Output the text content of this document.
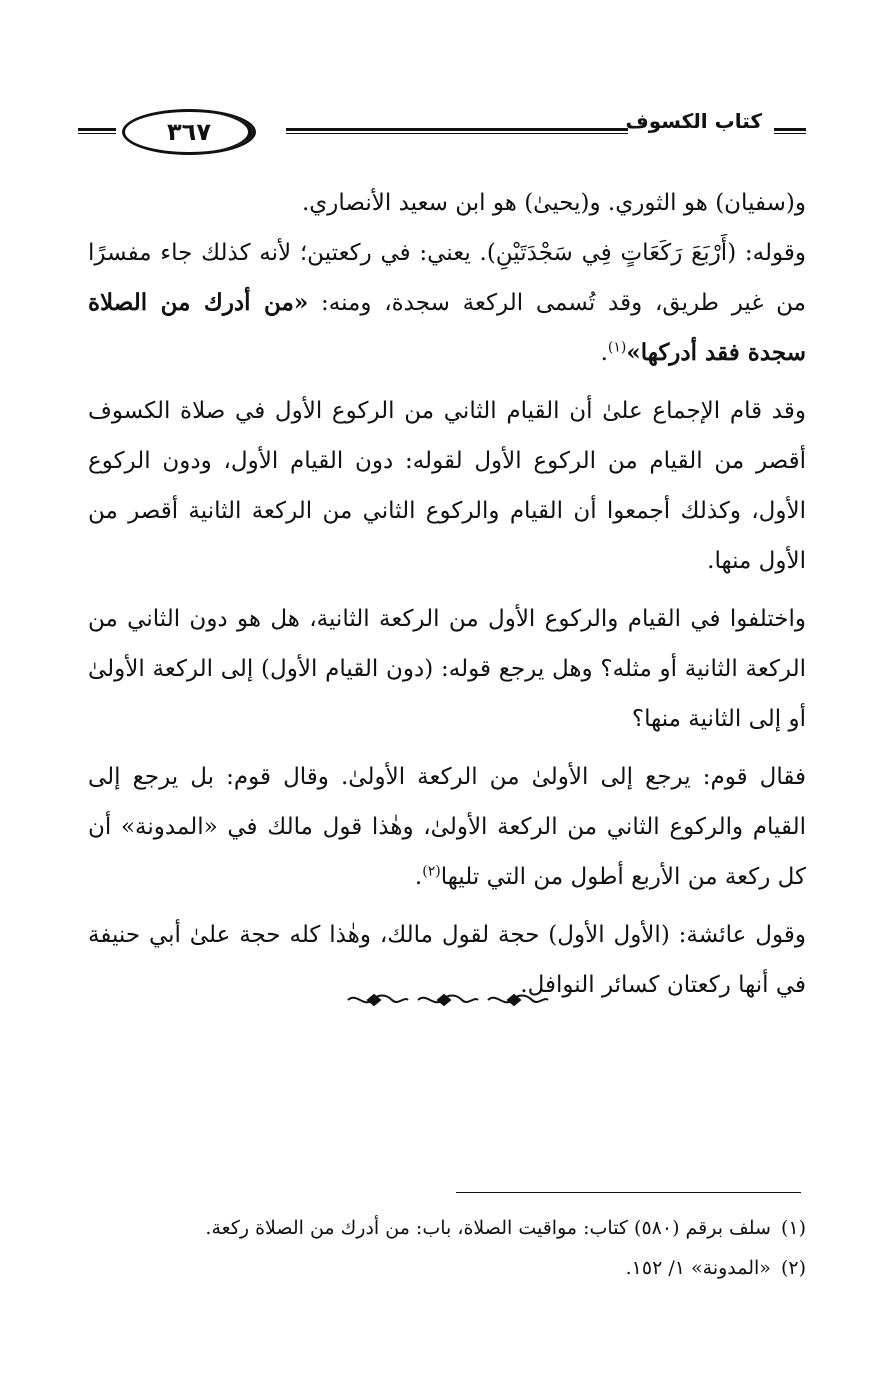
كتاب الكسوف
٣٦٧

و(سفيان) هو الثوري. و(يحيىٰ) هو ابن سعيد الأنصاري.

وقوله: (أَرْبَعَ رَكَعَاتٍ فِي سَجْدَتَيْنِ). يعني: في ركعتين؛ لأنه كذلك جاء مفسرًا من غير طريق، وقد تُسمى الركعة سجدة، ومنه: «من أدرك من الصلاة سجدة فقد أدركها»$^{(١)}$.

وقد قام الإجماع علىٰ أن القيام الثاني من الركوع الأول في صلاة الكسوف أقصر من القيام من الركوع الأول لقوله: دون القيام الأول، ودون الركوع الأول، وكذلك أجمعوا أن القيام والركوع الثاني من الركعة الثانية أقصر من الأول منها.

واختلفوا في القيام والركوع الأول من الركعة الثانية، هل هو دون الثاني من الركعة الثانية أو مثله؟ وهل يرجع قوله: (دون القيام الأول) إلى الركعة الأولىٰ أو إلى الثانية منها؟

فقال قوم: يرجع إلى الأولىٰ من الركعة الأولىٰ. وقال قوم: بل يرجع إلى القيام والركوع الثاني من الركعة الأولىٰ، وهٰذا قول مالك في «المدونة» أن كل ركعة من الأربع أطول من التي تليها$^{(٢)}$.

وقول عائشة: (الأول الأول) حجة لقول مالك، وهٰذا كله حجة علىٰ أبي حنيفة في أنها ركعتان كسائر النوافل.

(١)سلف برقم (٥٨٠) كتاب: مواقيت الصلاة، باب: من أدرك من الصلاة ركعة.
(٢)«المدونة» ١/ ١٥٢.
